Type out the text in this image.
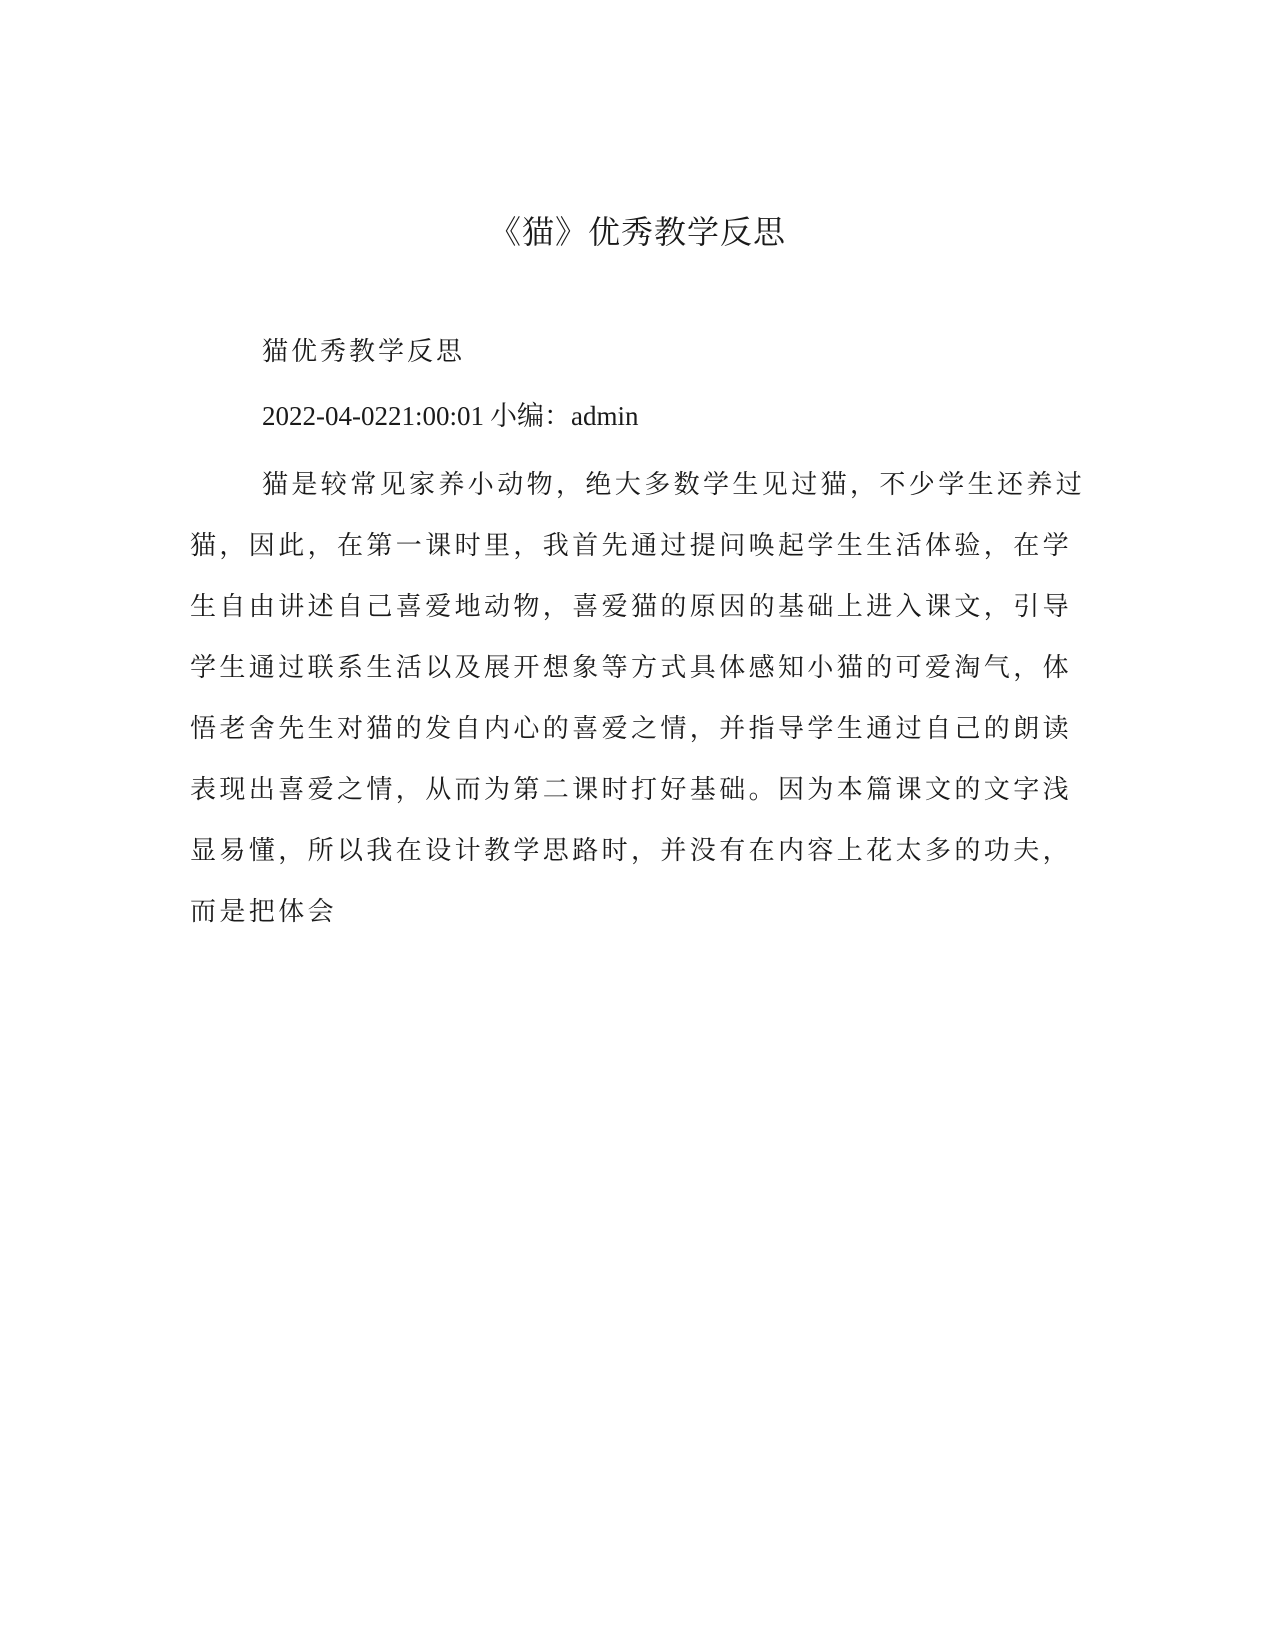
《猫》优秀教学反思
猫优秀教学反思
2022-04-0221:00:01 小编：admin
猫是较常见家养小动物，绝大多数学生见过猫，不少学生还养过
猫，因此，在第一课时里，我首先通过提问唤起学生生活体验，在学
生自由讲述自己喜爱地动物，喜爱猫的原因的基础上进入课文，引导
学生通过联系生活以及展开想象等方式具体感知小猫的可爱淘气，体
悟老舍先生对猫的发自内心的喜爱之情，并指导学生通过自己的朗读
表现出喜爱之情，从而为第二课时打好基础。因为本篇课文的文字浅
显易懂，所以我在设计教学思路时，并没有在内容上花太多的功夫，
而是把体会
